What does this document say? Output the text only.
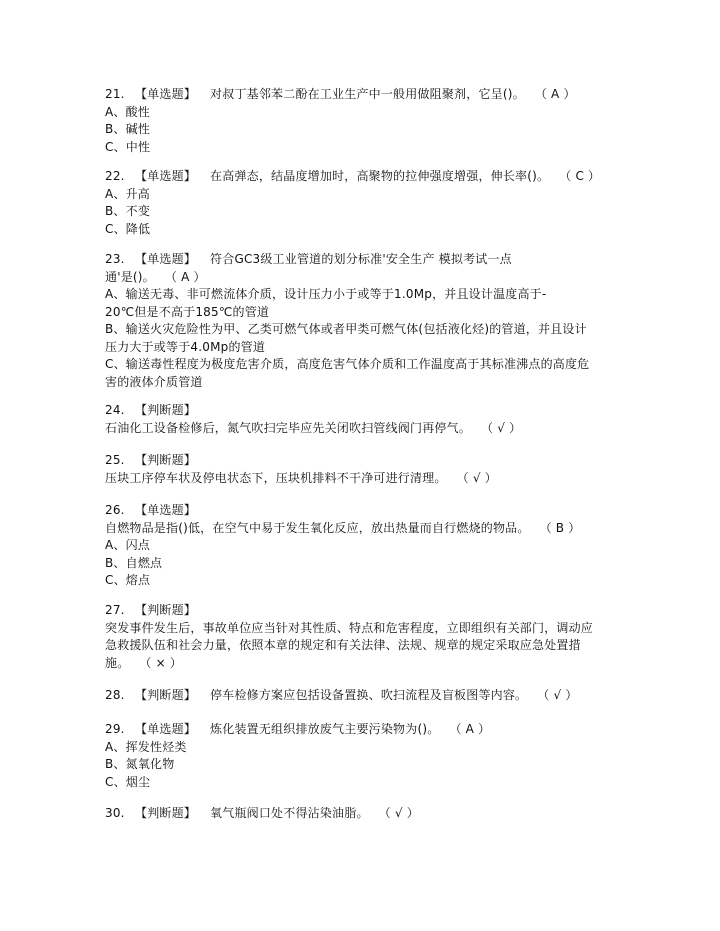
21. 【单选题】 对叔丁基邻苯二酚在工业生产中一般用做阻聚剂，它呈()。 （ A ）
A、酸性
B、碱性
C、中性
22. 【单选题】 在高弹态，结晶度增加时，高聚物的拉伸强度增强，伸长率()。 （ C ）
A、升高
B、不变
C、降低
23. 【单选题】 符合GC3级工业管道的划分标准'安全生产 模拟考试一点
通'是()。 （ A ）
A、输送无毒、非可燃流体介质，设计压力小于或等于1.0Mp，并且设计温度高于-
20℃但是不高于185℃的管道
B、输送火灾危险性为甲、乙类可燃气体或者甲类可燃气体(包括液化烃)的管道，并且设计
压力大于或等于4.0Mp的管道
C、输送毒性程度为极度危害介质，高度危害气体介质和工作温度高于其标准沸点的高度危
害的液体介质管道
24. 【判断题】
石油化工设备检修后，氮气吹扫完毕应先关闭吹扫管线阀门再停气。 （ √ ）
25. 【判断题】
压块工序停车状及停电状态下，压块机排料不干净可进行清理。 （ √ ）
26. 【单选题】
自燃物品是指()低，在空气中易于发生氧化反应，放出热量而自行燃烧的物品。 （ B ）
A、闪点
B、自燃点
C、熔点
27. 【判断题】
突发事件发生后，事故单位应当针对其性质、特点和危害程度，立即组织有关部门，调动应
急救援队伍和社会力量，依照本章的规定和有关法律、法规、规章的规定采取应急处置措
施。 （ × ）
28. 【判断题】 停车检修方案应包括设备置换、吹扫流程及盲板图等内容。 （ √ ）
29. 【单选题】 炼化装置无组织排放废气主要污染物为()。 （ A ）
A、挥发性烃类
B、氮氧化物
C、烟尘
30. 【判断题】 氧气瓶阀口处不得沾染油脂。 （ √ ）
